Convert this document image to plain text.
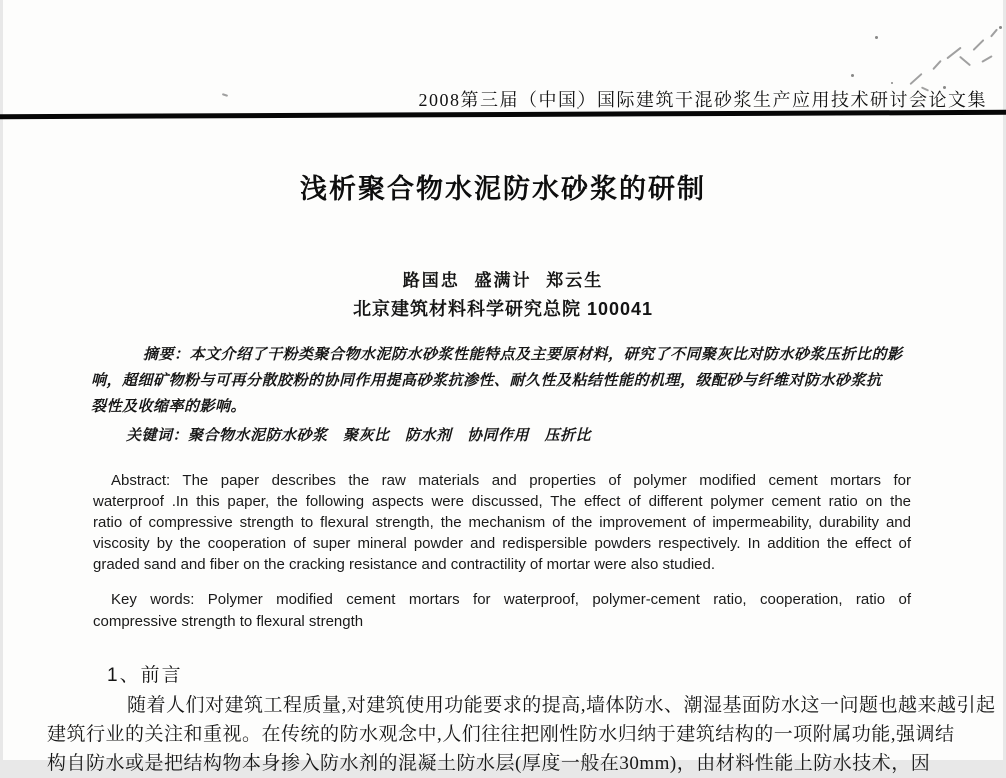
2008第三届（中国）国际建筑干混砂浆生产应用技术研讨会论文集
浅析聚合物水泥防水砂浆的研制
路国忠 盛满计 郑云生
北京建筑材料科学研究总院 100041
摘要：本文介绍了干粉类聚合物水泥防水砂浆性能特点及主要原材料，研究了不同聚灰比对防水砂浆压折比的影
响，超细矿物粉与可再分散胶粉的协同作用提高砂浆抗渗性、耐久性及粘结性能的机理，级配砂与纤维对防水砂浆抗
裂性及收缩率的影响。
关键词：聚合物水泥防水砂浆　聚灰比　防水剂　协同作用　压折比
Abstract: The paper describes the raw materials and properties of polymer modified cement mortars for
waterproof .In this paper, the following aspects were discussed, The effect of different polymer cement ratio on the
ratio of compressive strength to flexural strength, the mechanism of the improvement of impermeability, durability and
viscosity by the cooperation of super mineral powder and redispersible powders respectively. In addition the effect of
graded sand and fiber on the cracking resistance and contractility of mortar were also studied.
Key words: Polymer modified cement mortars for waterproof, polymer-cement ratio, cooperation, ratio of
compressive strength to flexural strength
1、前言
随着人们对建筑工程质量,对建筑使用功能要求的提高,墙体防水、潮湿基面防水这一问题也越来越引起
建筑行业的关注和重视。在传统的防水观念中,人们往往把刚性防水归纳于建筑结构的一项附属功能,强调结
构自防水或是把结构物本身掺入防水剂的混凝土防水层(厚度一般在30mm)，由材料性能上防水技术，因
